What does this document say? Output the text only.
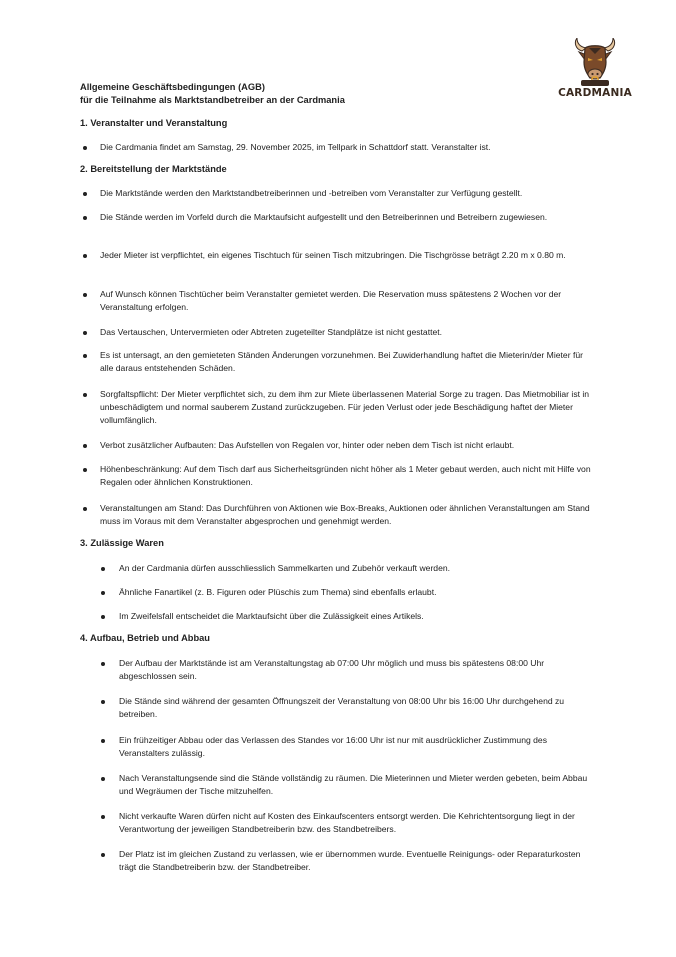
CARDMANIA
Allgemeine Geschäftsbedingungen (AGB)
für die Teilnahme als Marktstandbetreiber an der Cardmania
1. Veranstalter und Veranstaltung
Die Cardmania findet am Samstag, 29. November 2025, im Tellpark in Schattdorf statt. Veranstalter ist.
2. Bereitstellung der Marktstände
Die Marktstände werden den Marktstandbetreiberinnen und -betreiben vom Veranstalter zur Verfügung gestellt.
Die Stände werden im Vorfeld durch die Marktaufsicht aufgestellt und den Betreiberinnen und Betreibern zugewiesen.
Jeder Mieter ist verpflichtet, ein eigenes Tischtuch für seinen Tisch mitzubringen. Die Tischgrösse beträgt 2.20 m x 0.80 m.
Auf Wunsch können Tischtücher beim Veranstalter gemietet werden. Die Reservation muss spätestens 2 Wochen vor der Veranstaltung erfolgen.
Das Vertauschen, Untervermieten oder Abtreten zugeteilter Standplätze ist nicht gestattet.
Es ist untersagt, an den gemieteten Ständen Änderungen vorzunehmen. Bei Zuwiderhandlung haftet die Mieterin/der Mieter für alle daraus entstehenden Schäden.
Sorgfaltspflicht: Der Mieter verpflichtet sich, zu dem ihm zur Miete überlassenen Material Sorge zu tragen. Das Mietmobiliar ist in unbeschädigtem und normal sauberem Zustand zurückzugeben. Für jeden Verlust oder jede Beschädigung haftet der Mieter vollumfänglich.
Verbot zusätzlicher Aufbauten: Das Aufstellen von Regalen vor, hinter oder neben dem Tisch ist nicht erlaubt.
Höhenbeschränkung: Auf dem Tisch darf aus Sicherheitsgründen nicht höher als 1 Meter gebaut werden, auch nicht mit Hilfe von Regalen oder ähnlichen Konstruktionen.
Veranstaltungen am Stand: Das Durchführen von Aktionen wie Box-Breaks, Auktionen oder ähnlichen Veranstaltungen am Stand muss im Voraus mit dem Veranstalter abgesprochen und genehmigt werden.
3. Zulässige Waren
An der Cardmania dürfen ausschliesslich Sammelkarten und Zubehör verkauft werden.
Ähnliche Fanartikel (z. B. Figuren oder Plüschis zum Thema) sind ebenfalls erlaubt.
Im Zweifelsfall entscheidet die Marktaufsicht über die Zulässigkeit eines Artikels.
4. Aufbau, Betrieb und Abbau
Der Aufbau der Marktstände ist am Veranstaltungstag ab 07:00 Uhr möglich und muss bis spätestens 08:00 Uhr abgeschlossen sein.
Die Stände sind während der gesamten Öffnungszeit der Veranstaltung von 08:00 Uhr bis 16:00 Uhr durchgehend zu betreiben.
Ein frühzeitiger Abbau oder das Verlassen des Standes vor 16:00 Uhr ist nur mit ausdrücklicher Zustimmung des Veranstalters zulässig.
Nach Veranstaltungsende sind die Stände vollständig zu räumen. Die Mieterinnen und Mieter werden gebeten, beim Abbau und Wegräumen der Tische mitzuhelfen.
Nicht verkaufte Waren dürfen nicht auf Kosten des Einkaufscenters entsorgt werden. Die Kehrichtentsorgung liegt in der Verantwortung der jeweiligen Standbetreiberin bzw. des Standbetreibers.
Der Platz ist im gleichen Zustand zu verlassen, wie er übernommen wurde. Eventuelle Reinigungs- oder Reparaturkosten trägt die Standbetreiberin bzw. der Standbetreiber.
